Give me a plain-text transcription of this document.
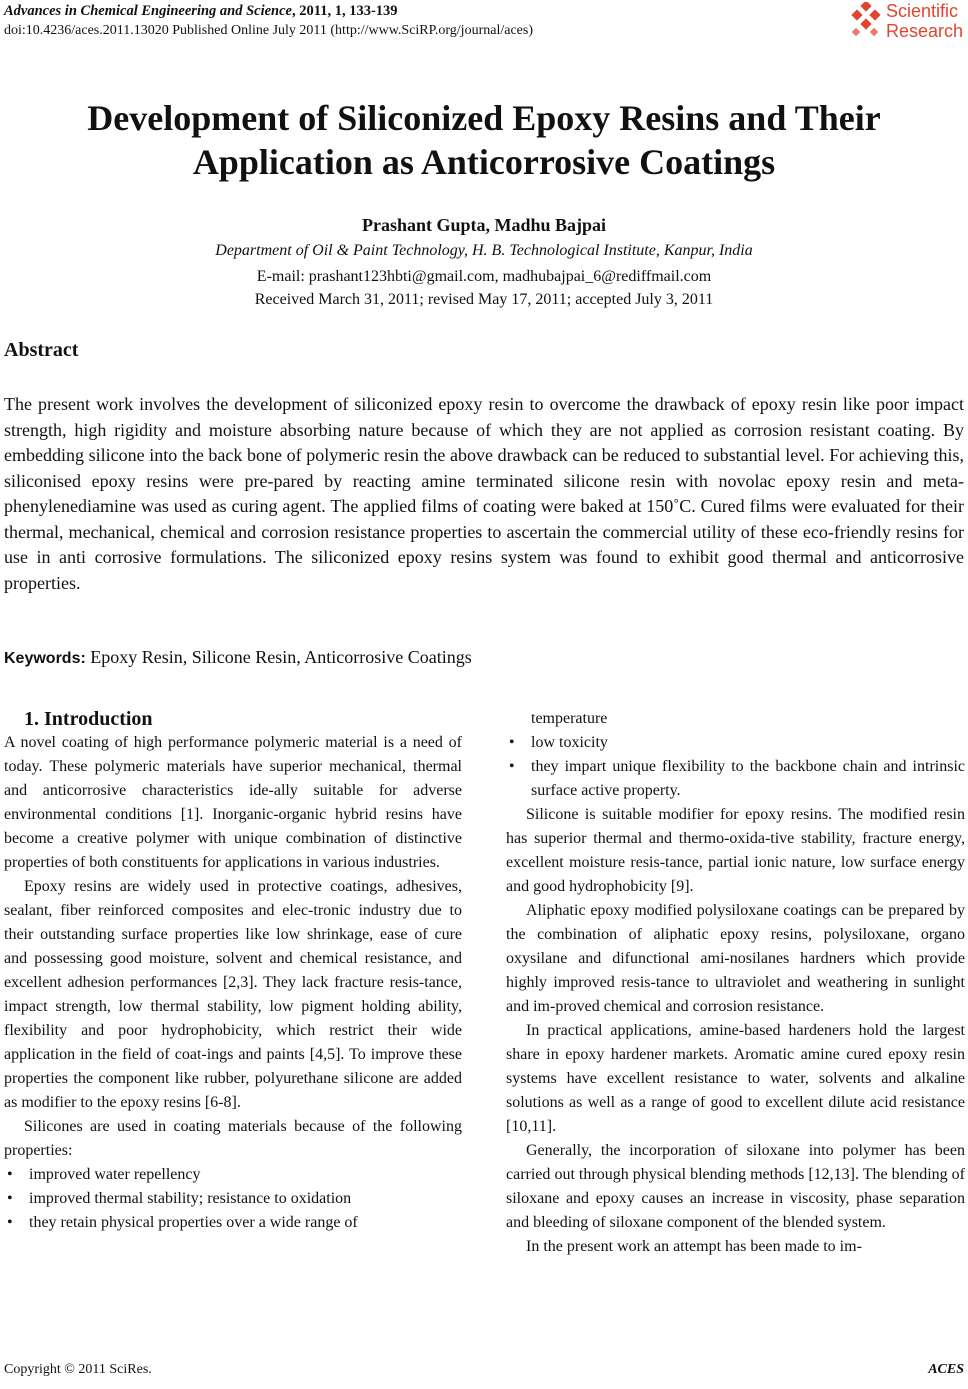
Advances in Chemical Engineering and Science, 2011, 1, 133-139
doi:10.4236/aces.2011.13020 Published Online July 2011 (http://www.SciRP.org/journal/aces)
Scientific
Research
Development of Siliconized Epoxy Resins and Their
Application as Anticorrosive Coatings
Prashant Gupta, Madhu Bajpai
Department of Oil & Paint Technology, H. B. Technological Institute, Kanpur, India
E-mail: prashant123hbti@gmail.com, madhubajpai_6@rediffmail.com
Received March 31, 2011; revised May 17, 2011; accepted July 3, 2011
Abstract
The present work involves the development of siliconized epoxy resin to overcome the drawback of epoxy resin like poor impact strength, high rigidity and moisture absorbing nature because of which they are not applied as corrosion resistant coating. By embedding silicone into the back bone of polymeric resin the above drawback can be reduced to substantial level. For achieving this, siliconised epoxy resins were pre-pared by reacting amine terminated silicone resin with novolac epoxy resin and meta-phenylenediamine was used as curing agent. The applied films of coating were baked at 150˚C. Cured films were evaluated for their thermal, mechanical, chemical and corrosion resistance properties to ascertain the commercial utility of these eco-friendly resins for use in anti corrosive formulations. The siliconized epoxy resins system was found to exhibit good thermal and anticorrosive properties.
Keywords: Epoxy Resin, Silicone Resin, Anticorrosive Coatings

1. Introduction

A novel coating of high performance polymeric material is a need of today. These polymeric materials have superior mechanical, thermal and anticorrosive characteristics ide-ally suitable for adverse environmental conditions [1]. Inorganic-organic hybrid resins have become a creative polymer with unique combination of distinctive properties of both constituents for applications in various industries.

Epoxy resins are widely used in protective coatings, adhesives, sealant, fiber reinforced composites and elec-tronic industry due to their outstanding surface properties like low shrinkage, ease of cure and possessing good moisture, solvent and chemical resistance, and excellent adhesion performances [2,3]. They lack fracture resis-tance, impact strength, low thermal stability, low pigment holding ability, flexibility and poor hydrophobicity, which restrict their wide application in the field of coat-ings and paints [4,5]. To improve these properties the component like rubber, polyurethane silicone are added as modifier to the epoxy resins [6-8].

Silicones are used in coating materials because of the following properties:

• improved water repellency
• improved thermal stability; resistance to oxidation
• they retain physical properties over a wide range of
temperature
• low toxicity
• they impart unique flexibility to the backbone chain and intrinsic surface active property.

Silicone is suitable modifier for epoxy resins. The modified resin has superior thermal and thermo-oxida-tive stability, fracture energy, excellent moisture resis-tance, partial ionic nature, low surface energy and good hydrophobicity [9].

Aliphatic epoxy modified polysiloxane coatings can be prepared by the combination of aliphatic epoxy resins, polysiloxane, organo oxysilane and difunctional ami-nosilanes hardners which provide highly improved resis-tance to ultraviolet and weathering in sunlight and im-proved chemical and corrosion resistance.

In practical applications, amine-based hardeners hold the largest share in epoxy hardener markets. Aromatic amine cured epoxy resin systems have excellent resistance to water, solvents and alkaline solutions as well as a range of good to excellent dilute acid resistance [10,11].

Generally, the incorporation of siloxane into polymer has been carried out through physical blending methods [12,13]. The blending of siloxane and epoxy causes an increase in viscosity, phase separation and bleeding of siloxane component of the blended system.

In the present work an attempt has been made to im-

Copyright © 2011 SciRes.	ACES
